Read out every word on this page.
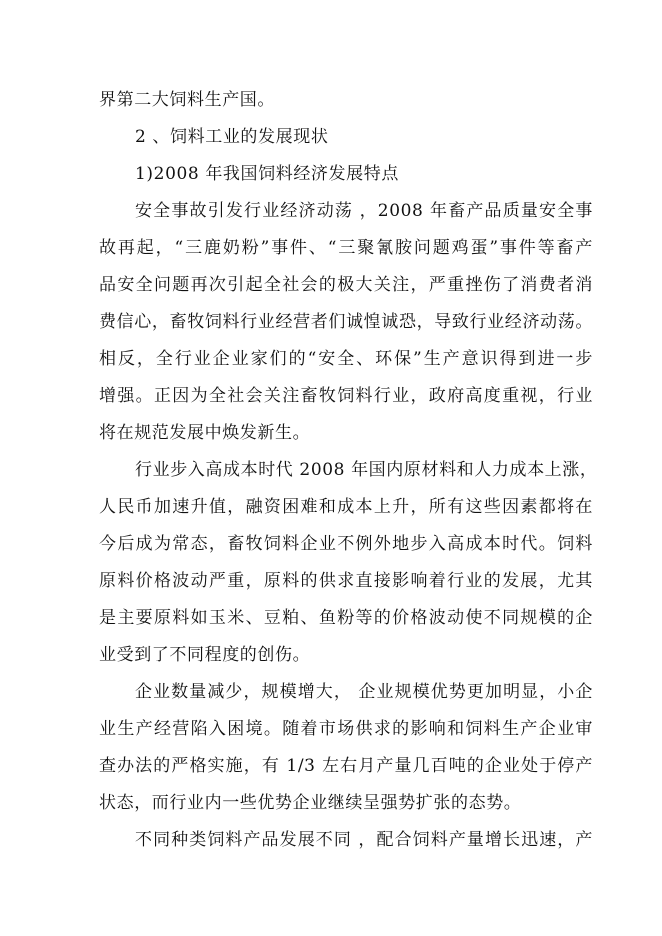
界第二大饲料生产国。
2 、饲料工业的发展现状
1)2008 年我国饲料经济发展特点
安全事故引发行业经济动荡 ，2008 年畜产品质量安全事
故再起，“三鹿奶粉”事件、“三聚氰胺问题鸡蛋”事件等畜产
品安全问题再次引起全社会的极大关注，严重挫伤了消费者消
费信心，畜牧饲料行业经营者们诚惶诚恐，导致行业经济动荡。
相反，全行业企业家们的“安全、环保”生产意识得到进一步
增强。正因为全社会关注畜牧饲料行业，政府高度重视，行业
将在规范发展中焕发新生。
行业步入高成本时代 2008 年国内原材料和人力成本上涨，
人民币加速升值，融资困难和成本上升，所有这些因素都将在
今后成为常态，畜牧饲料企业不例外地步入高成本时代。饲料
原料价格波动严重，原料的供求直接影响着行业的发展，尤其
是主要原料如玉米、豆粕、鱼粉等的价格波动使不同规模的企
业受到了不同程度的创伤。
企业数量减少，规模增大， 企业规模优势更加明显，小企
业生产经营陷入困境。随着市场供求的影响和饲料生产企业审
查办法的严格实施，有 1/3 左右月产量几百吨的企业处于停产
状态，而行业内一些优势企业继续呈强势扩张的态势。
不同种类饲料产品发展不同 ，配合饲料产量增长迅速，产
